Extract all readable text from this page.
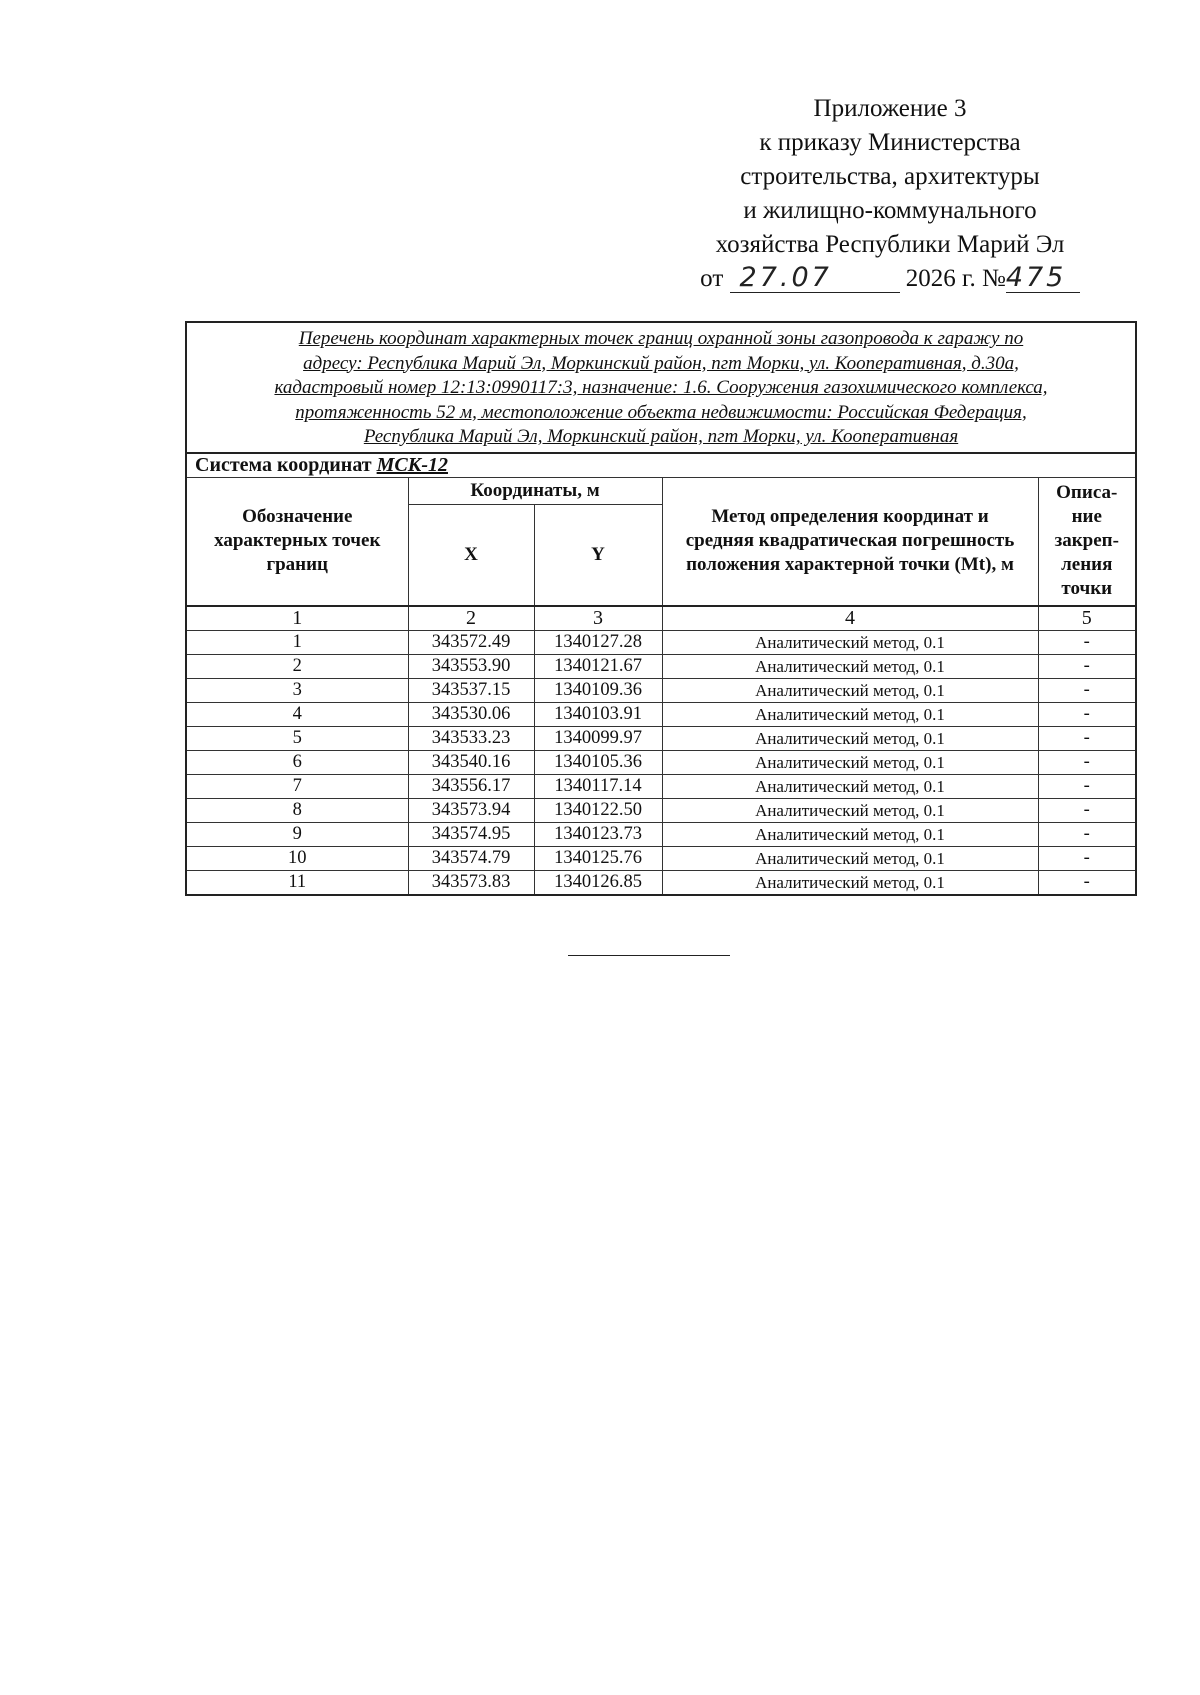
Приложение 3
к приказу Министерства
строительства, архитектуры
и жилищно-коммунального
хозяйства Республики Марий Эл
от 27.07	2026 г. №475
Перечень координат характерных точек границ охранной зоны газопровода к гаражу по
адресу: Республика Марий Эл, Моркинский район, пгт Морки, ул. Кооперативная, д.30а,
кадастровый номер 12:13:0990117:3, назначение: 1.6. Сооружения газохимического комплекса,
протяженность 52 м, местоположение объекта недвижимости: Российская Федерация,
Республика Марий Эл, Моркинский район, пгт Морки, ул. Кооперативная				

Система координат МСК-12				
Обозначение характерных точек границ	Координаты, м		Метод определения координат и средняя квадратическая погрешность положения характерной точки (Mt), м	Описа-ние закреп-ления точки
	X	Y		
1	2	3	4	5
1	343572.49	1340127.28	Аналитический метод, 0.1	-
2	343553.90	1340121.67	Аналитический метод, 0.1	-
3	343537.15	1340109.36	Аналитический метод, 0.1	-
4	343530.06	1340103.91	Аналитический метод, 0.1	-
5	343533.23	1340099.97	Аналитический метод, 0.1	-
6	343540.16	1340105.36	Аналитический метод, 0.1	-
7	343556.17	1340117.14	Аналитический метод, 0.1	-
8	343573.94	1340122.50	Аналитический метод, 0.1	-
9	343574.95	1340123.73	Аналитический метод, 0.1	-
10	343574.79	1340125.76	Аналитический метод, 0.1	-
11	343573.83	1340126.85	Аналитический метод, 0.1	-
